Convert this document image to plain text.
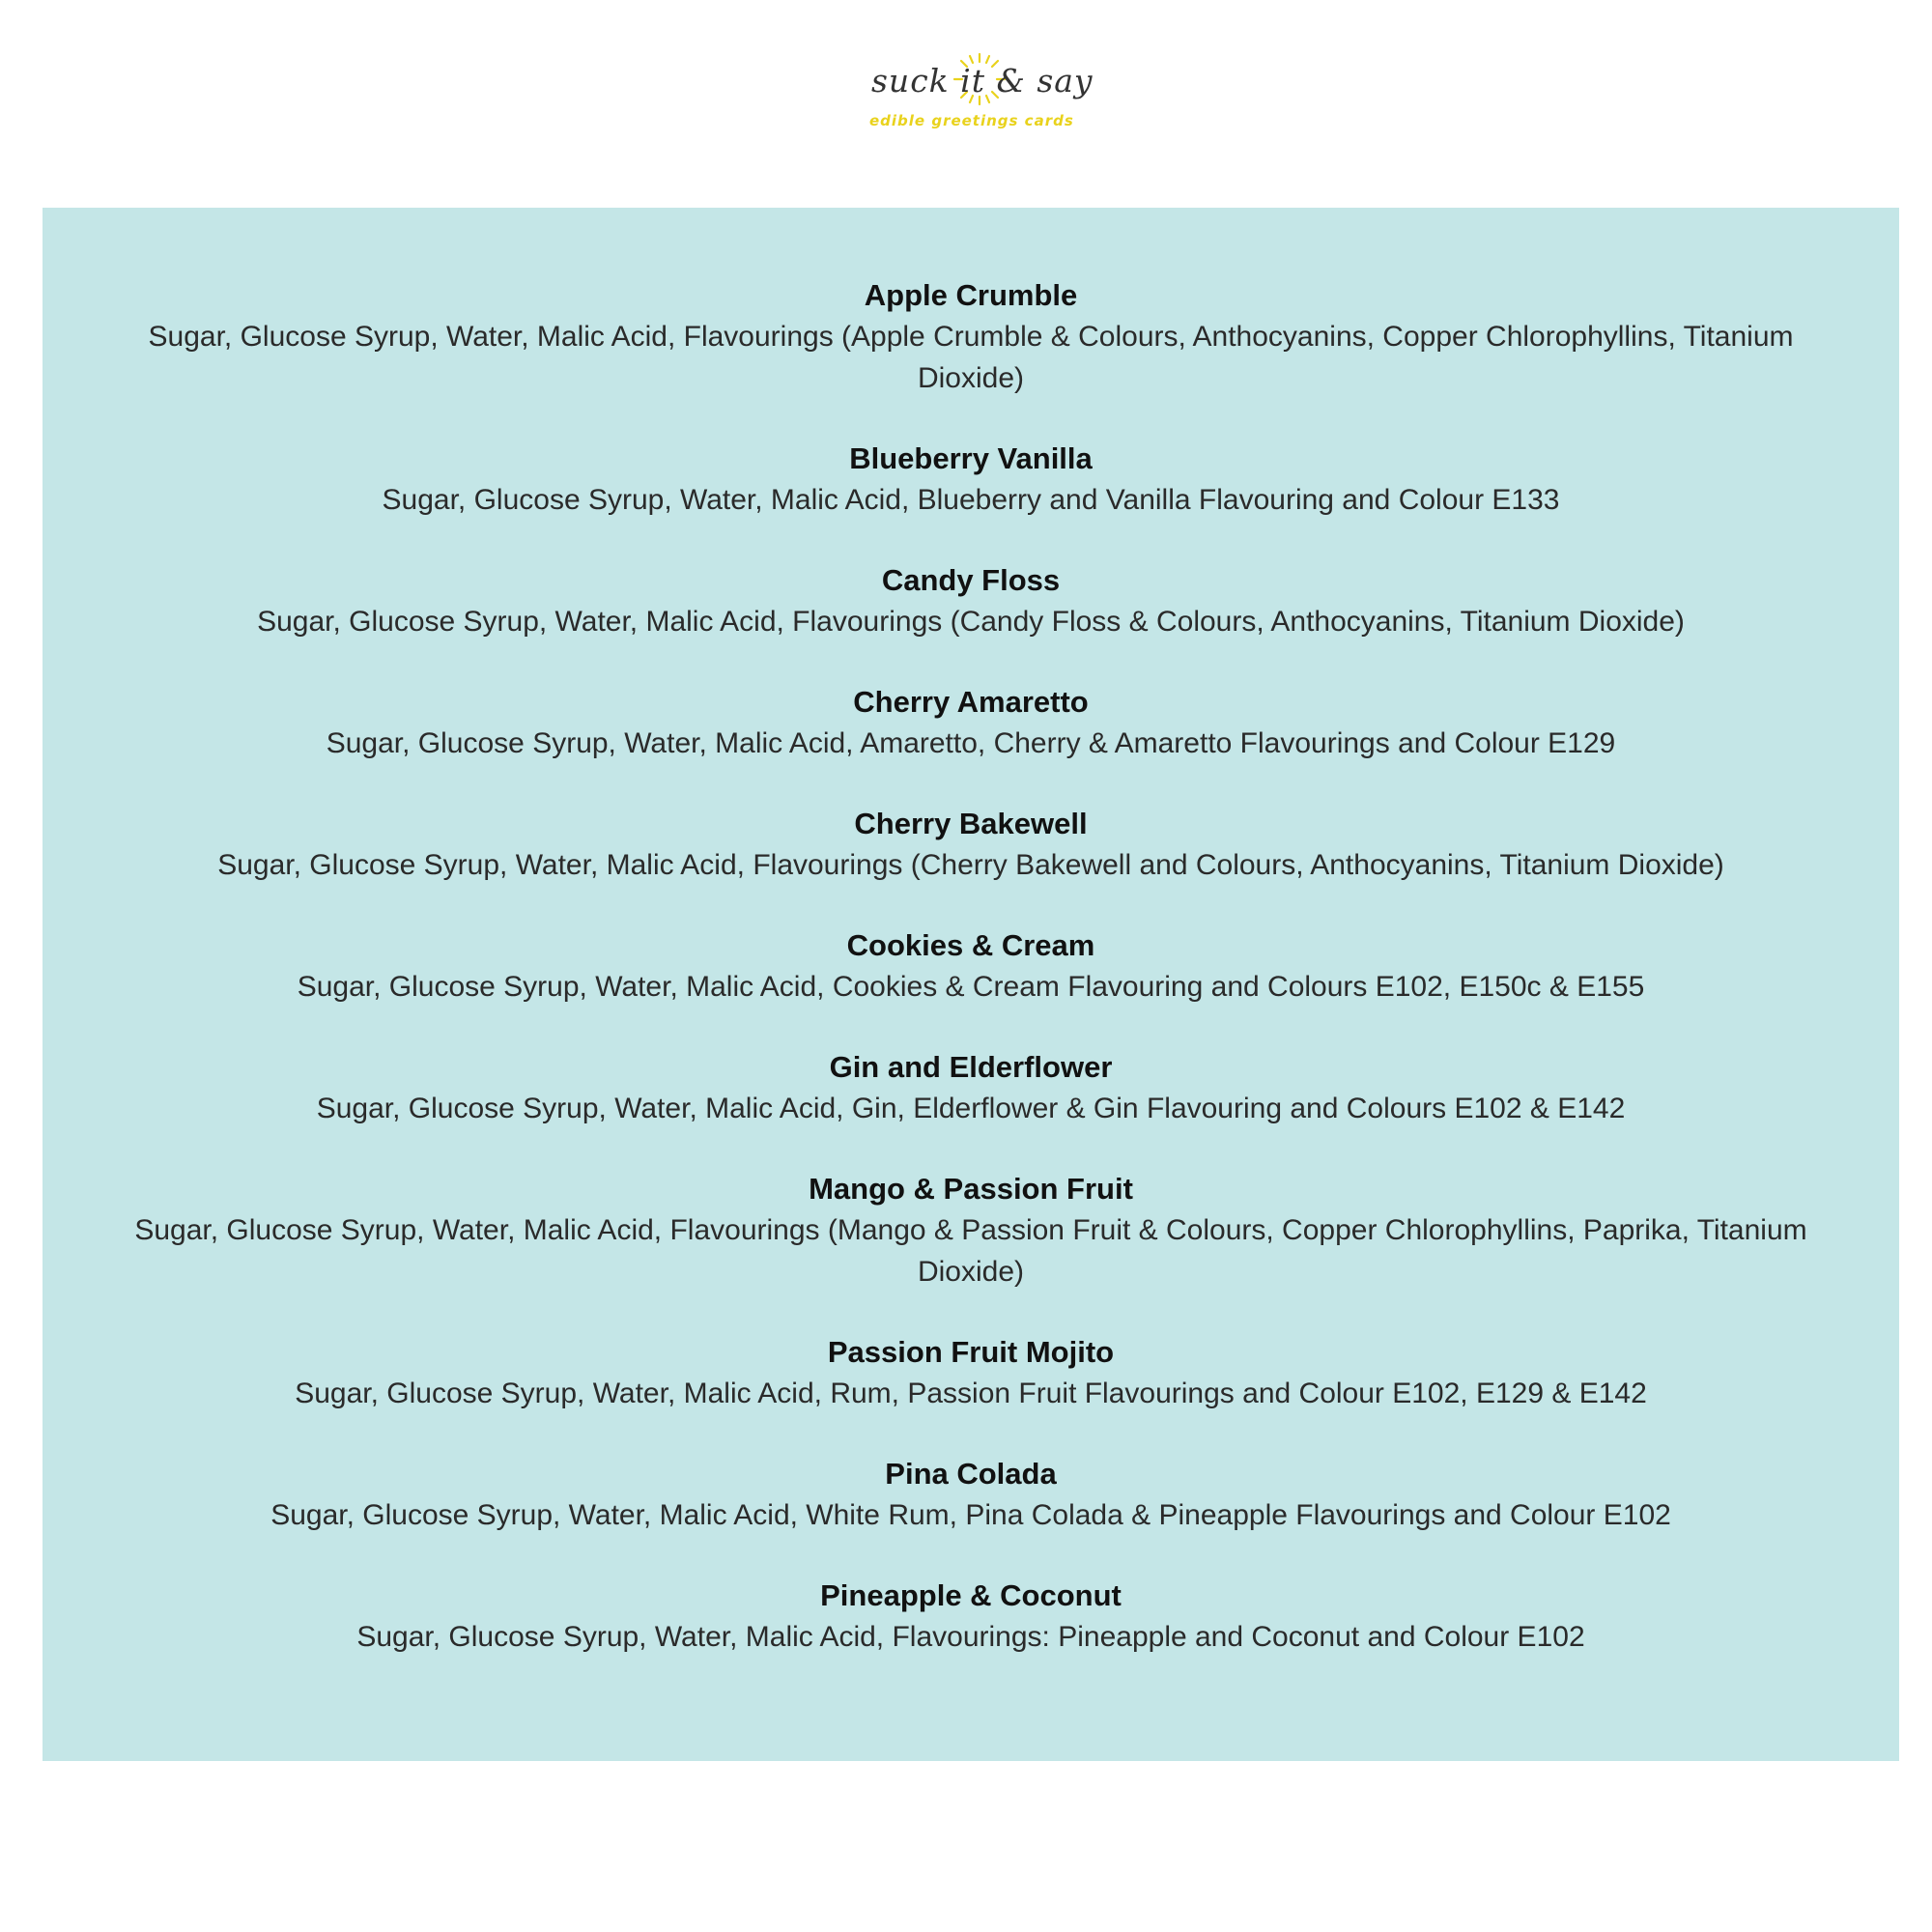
suck it & say
edible greetings cards
Apple Crumble
Sugar, Glucose Syrup, Water, Malic Acid, Flavourings (Apple Crumble & Colours, Anthocyanins, Copper Chlorophyllins, Titanium Dioxide)
Blueberry Vanilla
Sugar, Glucose Syrup, Water, Malic Acid, Blueberry and Vanilla Flavouring and Colour E133
Candy Floss
Sugar, Glucose Syrup, Water, Malic Acid, Flavourings (Candy Floss & Colours, Anthocyanins, Titanium Dioxide)
Cherry Amaretto
Sugar, Glucose Syrup, Water, Malic Acid, Amaretto, Cherry & Amaretto Flavourings and Colour E129
Cherry Bakewell
Sugar, Glucose Syrup, Water, Malic Acid, Flavourings (Cherry Bakewell and Colours, Anthocyanins, Titanium Dioxide)
Cookies & Cream
Sugar, Glucose Syrup, Water, Malic Acid, Cookies & Cream Flavouring and Colours E102, E150c & E155
Gin and Elderflower
Sugar, Glucose Syrup, Water, Malic Acid, Gin, Elderflower & Gin Flavouring and Colours E102 & E142
Mango & Passion Fruit
Sugar, Glucose Syrup, Water, Malic Acid, Flavourings (Mango & Passion Fruit & Colours, Copper Chlorophyllins, Paprika, Titanium Dioxide)
Passion Fruit Mojito
Sugar, Glucose Syrup, Water, Malic Acid, Rum, Passion Fruit Flavourings and Colour E102, E129 & E142
Pina Colada
Sugar, Glucose Syrup, Water, Malic Acid, White Rum, Pina Colada & Pineapple Flavourings and Colour E102
Pineapple & Coconut
Sugar, Glucose Syrup, Water, Malic Acid, Flavourings: Pineapple and Coconut and Colour E102
